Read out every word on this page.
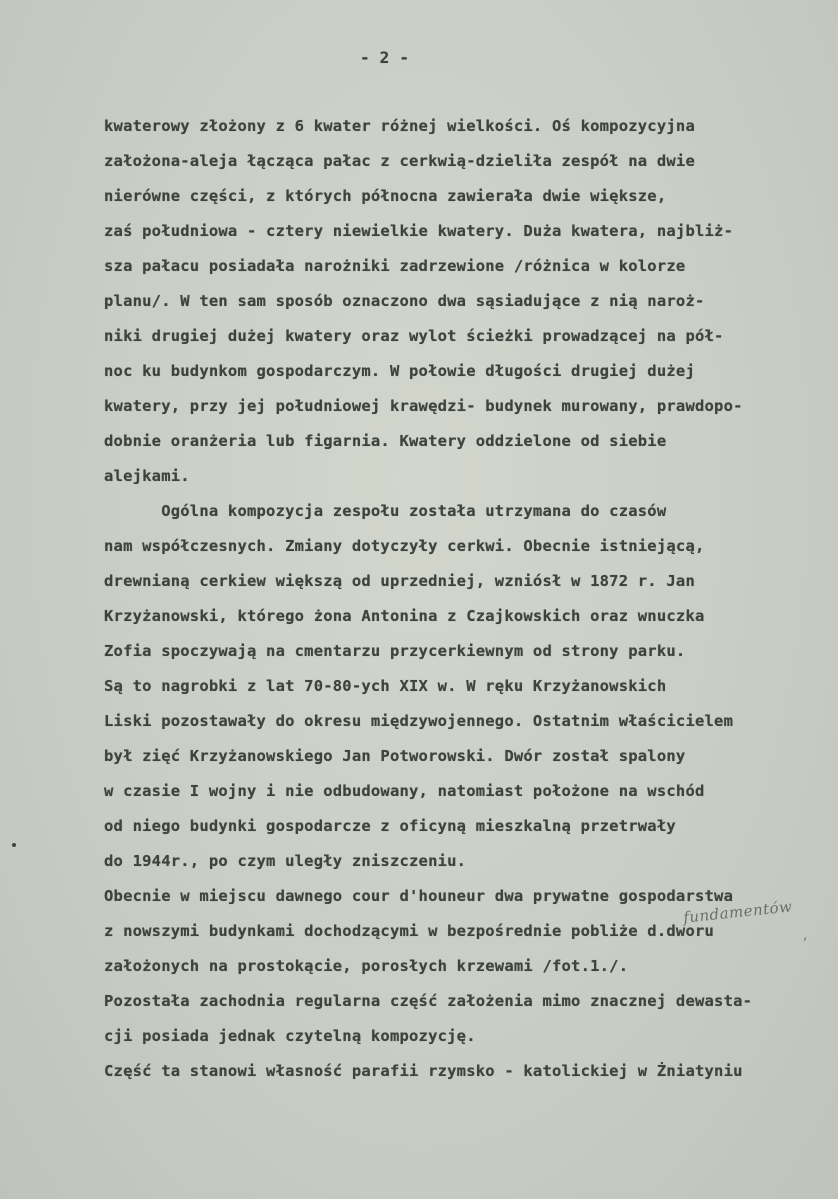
- 2 -
kwaterowy złożony z 6 kwater różnej wielkości. Oś kompozycyjna
założona-aleja łącząca pałac z cerkwią-dzieliła zespół na dwie
nierówne części, z których północna zawierała dwie większe,
zaś południowa - cztery niewielkie kwatery. Duża kwatera, najbliż-
sza pałacu posiadała narożniki zadrzewione /różnica w kolorze
planu/. W ten sam sposób oznaczono dwa sąsiadujące z nią naroż-
niki drugiej dużej kwatery oraz wylot ścieżki prowadzącej na pół-
noc ku budynkom gospodarczym. W połowie długości drugiej dużej
kwatery, przy jej południowej krawędzi- budynek murowany, prawdopo-
dobnie oranżeria lub figarnia. Kwatery oddzielone od siebie
alejkami.
Ogólna kompozycja zespołu została utrzymana do czasów
nam współczesnych. Zmiany dotyczyły cerkwi. Obecnie istniejącą,
drewnianą cerkiew większą od uprzedniej, wzniósł w 1872 r. Jan
Krzyżanowski, którego żona Antonina z Czajkowskich oraz wnuczka
Zofia spoczywają na cmentarzu przycerkiewnym od strony parku.
Są to nagrobki z lat 70-80-ych XIX w. W ręku Krzyżanowskich
Liski pozostawały do okresu międzywojennego. Ostatnim właścicielem
był zięć Krzyżanowskiego Jan Potworowski. Dwór został spalony
w czasie I wojny i nie odbudowany, natomiast położone na wschód
od niego budynki gospodarcze z oficyną mieszkalną przetrwały
do 1944r., po czym uległy zniszczeniu.
Obecnie w miejscu dawnego cour d'houneur dwa prywatne gospodarstwa
z nowszymi budynkami dochodzącymi w bezpośrednie pobliże d.dworu
założonych na prostokącie, porosłych krzewami /fot.1./.
Pozostała zachodnia regularna część założenia mimo znacznej dewasta-
cji posiada jednak czytelną kompozycję.
Część ta stanowi własność parafii rzymsko - katolickiej w Żniatyniu
fundamentów
,
